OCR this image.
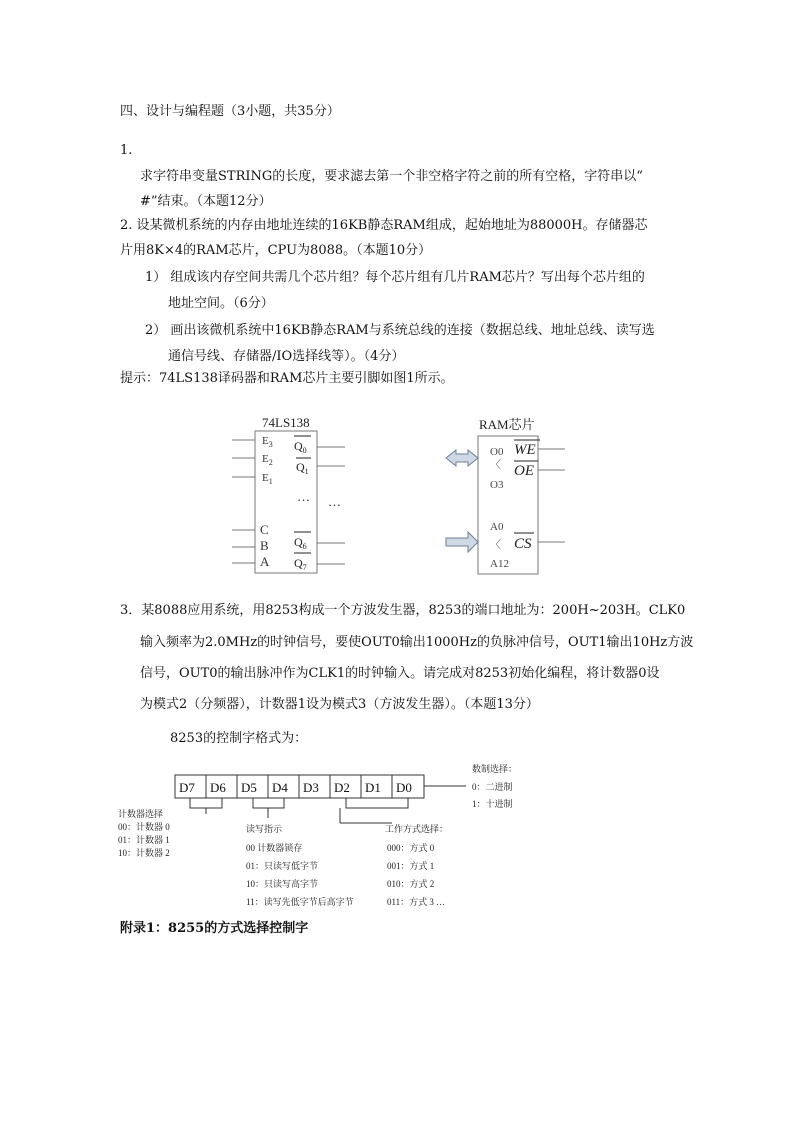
四、设计与编程题（3小题，共35分）
1.
求字符串变量STRING的长度，要求滤去第一个非空格字符之前的所有空格，字符串以“
#”结束。（本题12分）
2. 设某微机系统的内存由地址连续的16KB静态RAM组成，起始地址为88000H。存储器芯
片用8K×4的RAM芯片，CPU为8088。（本题10分）
1） 组成该内存空间共需几个芯片组？每个芯片组有几片RAM芯片？写出每个芯片组的
地址空间。（6分）
2） 画出该微机系统中16KB静态RAM与系统总线的连接（数据总线、地址总线、读写选
通信号线、存储器/IO选择线等）。（4分）
提示：74LS138译码器和RAM芯片主要引脚如图1所示。
74LS138
$E_3$
$E_2$
$E_1$
C
B
A
$Q_0$
$Q_1$
$Q_6$
$Q_7$
… …
RAM芯片
O0
〈
O3
A0
〈
A12
WE
OE
CS
3．某8088应用系统，用8253构成一个方波发生器，8253的端口地址为：200H~203H。CLK0
输入频率为2.0MHz的时钟信号，要使OUT0输出1000Hz的负脉冲信号，OUT1输出10Hz方波
信号，OUT0的输出脉冲作为CLK1的时钟输入。请完成对8253初始化编程，将计数器0设
为模式2（分频器），计数器1设为模式3（方波发生器）。（本题13分）
8253的控制字格式为：
D7 D6 D5 D4 D3 D2 D1 D0
计数器选择
00：计数器 0
01：计数器 1
10：计数器 2
读写指示
00 计数器锁存
01：只读写低字节
10：只读写高字节
11：读写先低字节后高字节
工作方式选择：
000：方式 0
001：方式 1
010：方式 2
011：方式 3 …
数制选择：
0：二进制
1：十进制
附录1：8255的方式选择控制字
